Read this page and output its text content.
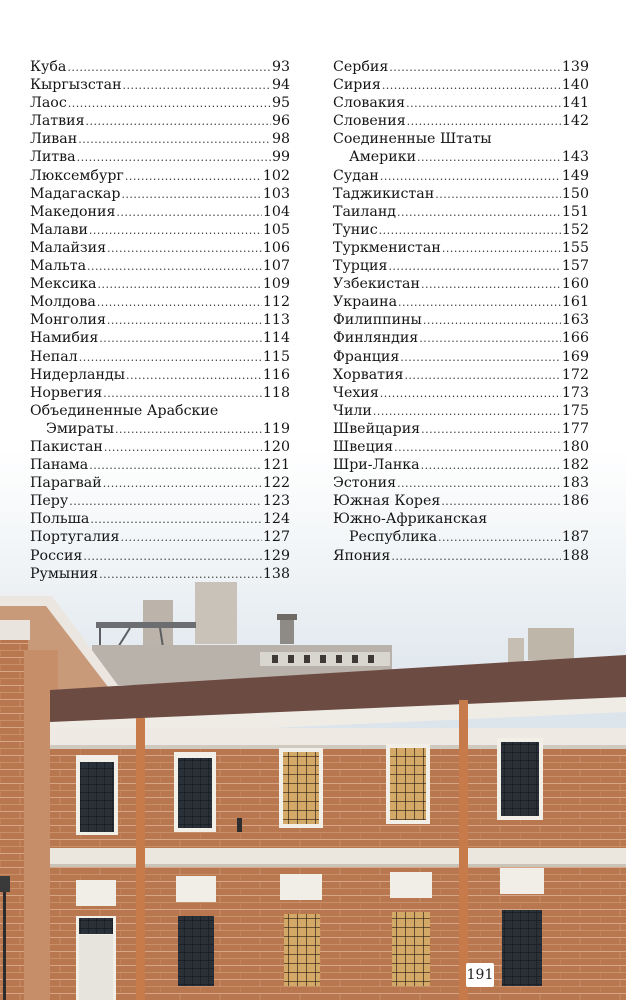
Куба .....	93
Кыргызстан .....	94
Лаос .....	95
Латвия .....	96
Ливан .....	98
Литва .....	99
Люксембург .....	102
Мадагаскар .....	103
Македония .....	104
Малави .....	105
Малайзия .....	106
Мальта .....	107
Мексика .....	109
Молдова .....	112
Монголия .....	113
Намибия .....	114
Непал .....	115
Нидерланды .....	116
Норвегия .....	118
Объединенные Арабские
Эмираты .....	119
Пакистан .....	120
Панама .....	121
Парагвай .....	122
Перу .....	123
Польша .....	124
Португалия .....	127
Россия .....	129
Румыния .....	138
Сербия .....	139
Сирия .....	140
Словакия .....	141
Словения .....	142
Соединенные Штаты
Америки .....	143
Судан .....	149
Таджикистан .....	150
Таиланд .....	151
Тунис .....	152
Туркменистан .....	155
Турция .....	157
Узбекистан .....	160
Украина .....	161
Филиппины .....	163
Финляндия .....	166
Франция .....	169
Хорватия .....	172
Чехия .....	173
Чили .....	175
Швейцария .....	177
Швеция .....	180
Шри-Ланка .....	182
Эстония .....	183
Южная Корея .....	186
Южно-Африканская
Республика .....	187
Япония .....	188
191
